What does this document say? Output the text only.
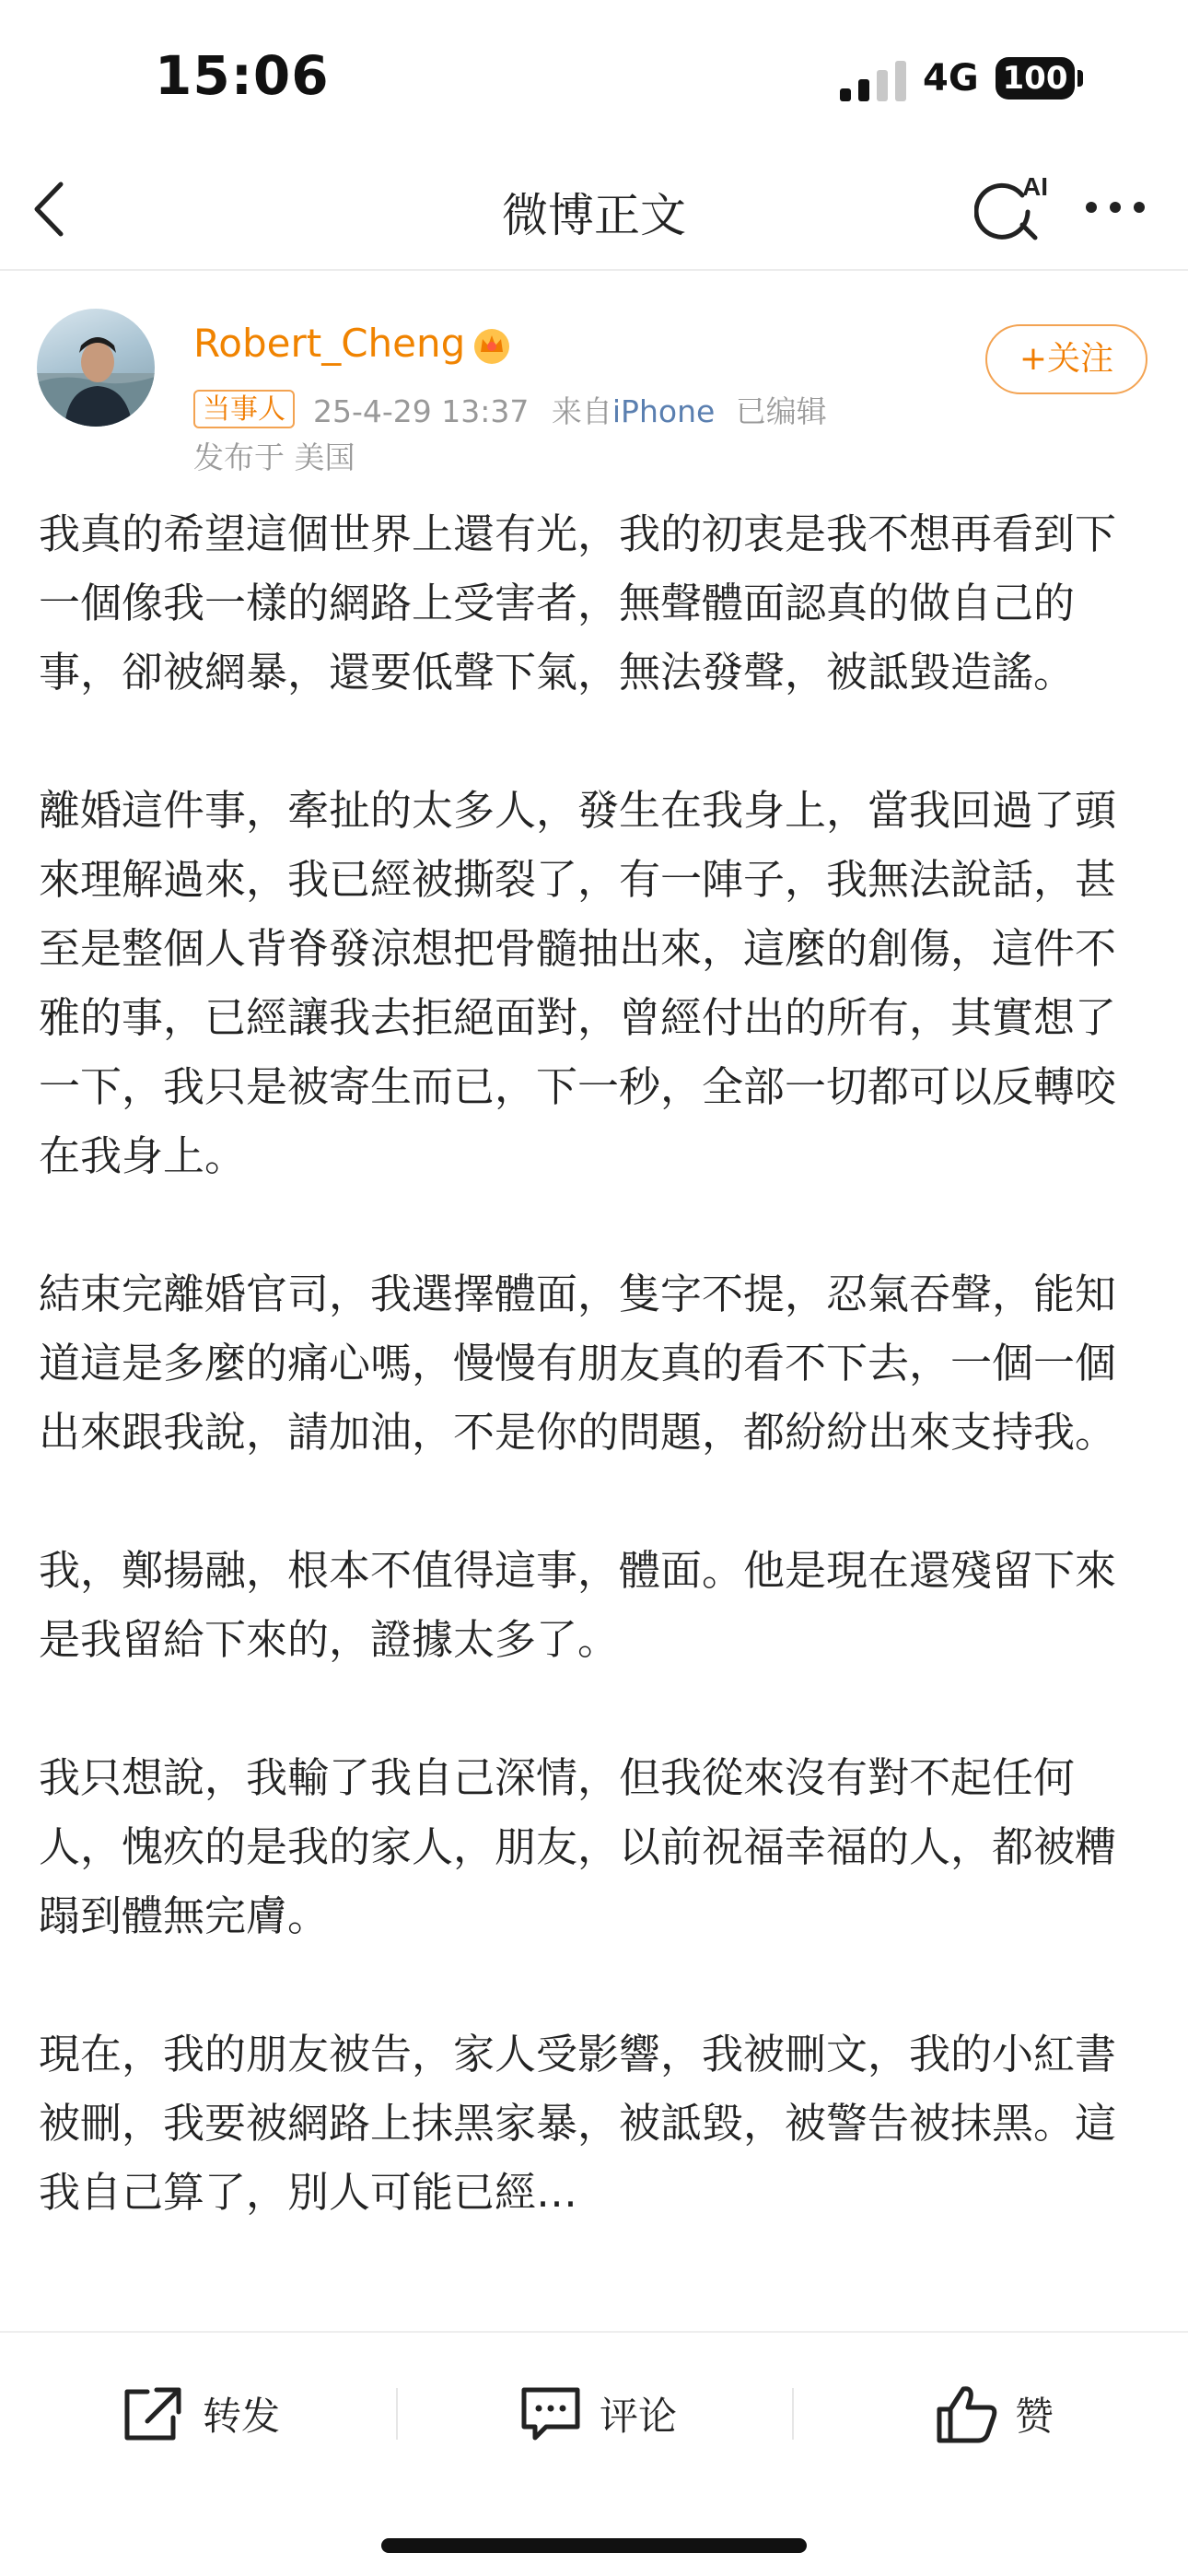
15:06	4G 100
微博正文
AI
Robert_Cheng	+关注
当事人 25-4-29 13:37 来自iPhone 已编辑
发布于 美国

我真的希望這個世界上還有光，我的初衷是我不想再看到下一個像我一樣的網路上受害者，無聲體面認真的做自己的事，卻被網暴，還要低聲下氣，無法發聲，被詆毀造謠。

離婚這件事，牽扯的太多人，發生在我身上，當我回過了頭來理解過來，我已經被撕裂了，有一陣子，我無法說話，甚至是整個人背脊發涼想把骨髓抽出來，這麼的創傷，這件不雅的事，已經讓我去拒絕面對，曾經付出的所有，其實想了一下，我只是被寄生而已，下一秒，全部一切都可以反轉咬在我身上。

結束完離婚官司，我選擇體面，隻字不提，忍氣吞聲，能知道這是多麼的痛心嗎，慢慢有朋友真的看不下去，一個一個出來跟我說，請加油，不是你的問題，都紛紛出來支持我。

我，鄭揚融，根本不值得這事，體面。他是現在還殘留下來是我留給下來的，證據太多了。

我只想說，我輸了我自己深情，但我從來沒有對不起任何人，愧疚的是我的家人，朋友，以前祝福幸福的人，都被糟蹋到體無完膚。

現在，我的朋友被告，家人受影響，我被刪文，我的小紅書被刪，我要被網路上抹黑家暴，被詆毀，被警告被抹黑。這我自己算了，別人可能已經…

转发	评论	赞
